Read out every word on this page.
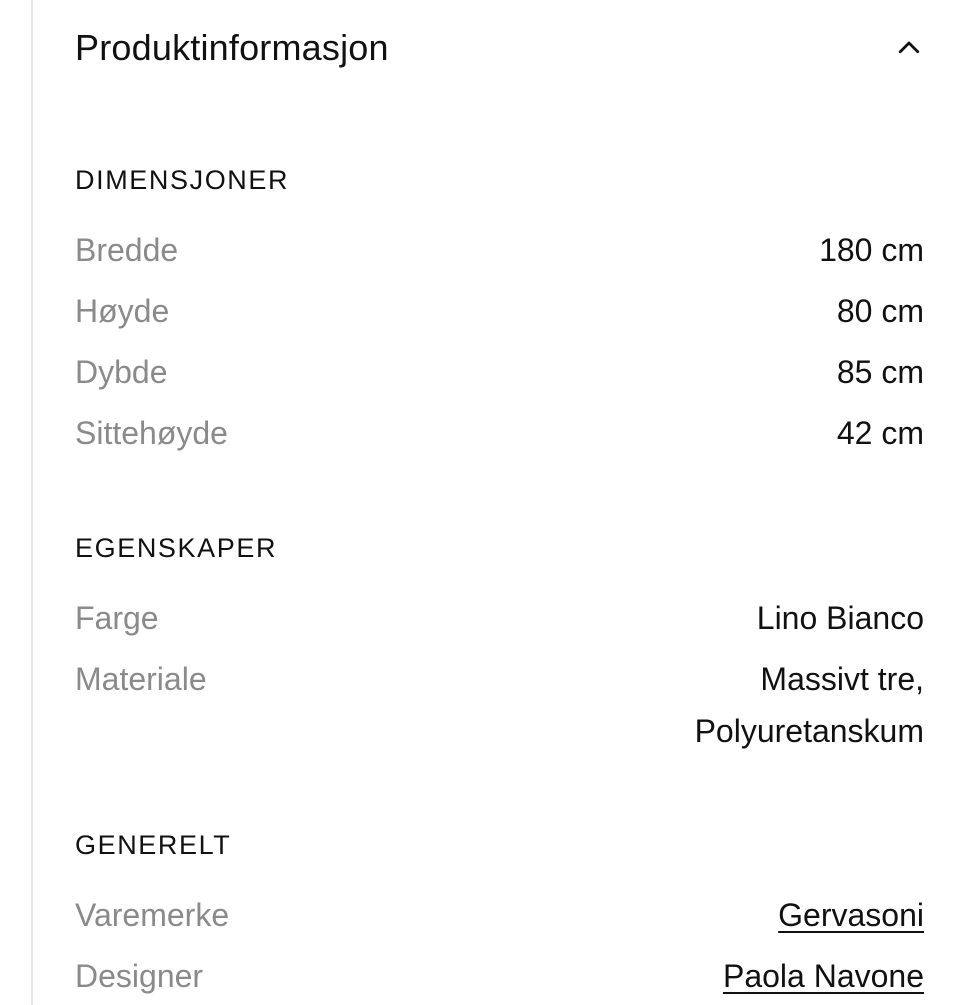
Produktinformasjon
DIMENSJONER
Bredde	180 cm
Høyde	80 cm
Dybde	85 cm
Sittehøyde	42 cm
EGENSKAPER
Farge	Lino Bianco
Materiale	Massivt tre,
Polyuretanskum
GENERELT
Varemerke	Gervasoni
Designer	Paola Navone
